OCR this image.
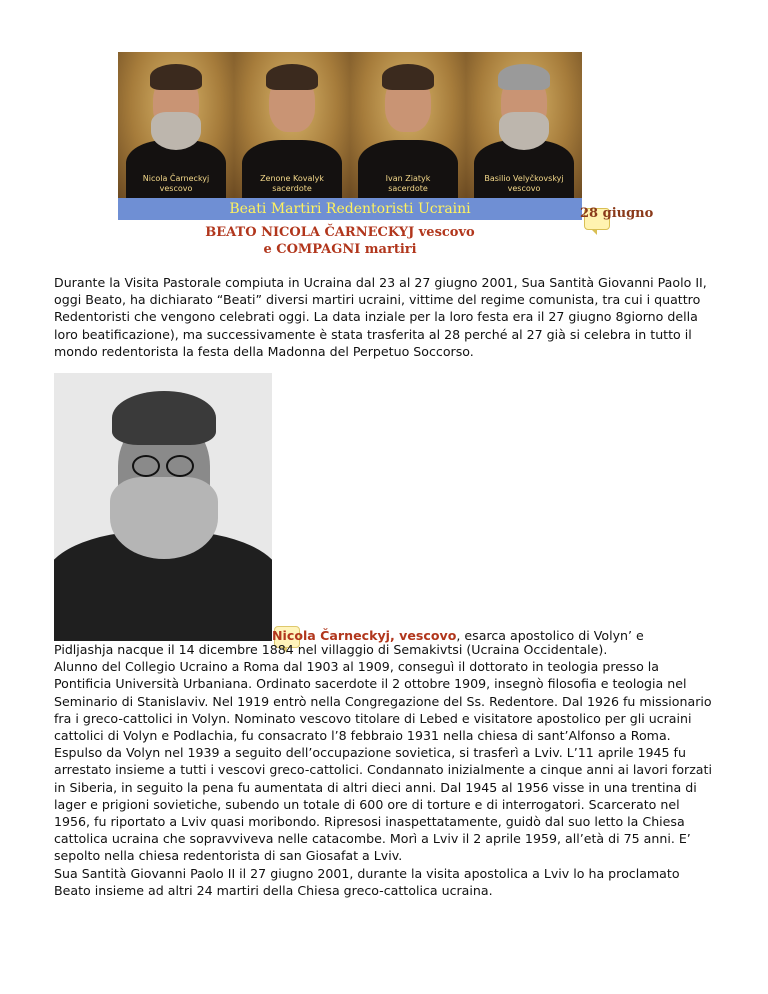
Nicola Čarneckyj
vescovo
Zenone Kovalyk
sacerdote
Ivan Ziatyk
sacerdote
Basilio Velyčkovskyj
vescovo
Beati Martiri Redentoristi Ucraini	28 giugno
BEATO NICOLA ČARNECKYJ vescovo
e COMPAGNI martiri
Durante la Visita Pastorale compiuta in Ucraina dal 23 al 27 giugno 2001, Sua Santità Giovanni Paolo II, oggi Beato, ha dichiarato “Beati” diversi martiri ucraini, vittime del regime comunista, tra cui i quattro Redentoristi che vengono celebrati oggi. La data inziale per la loro festa era il 27 giugno 8giorno della loro beatificazione), ma successivamente è stata trasferita al 28 perché al 27 già si celebra in tutto il mondo redentorista la festa della Madonna del Perpetuo Soccorso.
Nicola Čarneckyj, vescovo, esarca apostolico di Volyn’ e
Pidljashja nacque il 14 dicembre 1884 nel villaggio di Semakivtsi (Ucraina Occidentale).
Alunno del Collegio Ucraino a Roma dal 1903 al 1909, conseguì il dottorato in teologia presso la Pontificia Università Urbaniana. Ordinato sacerdote il 2 ottobre 1909, insegnò filosofia e teologia nel Seminario di Stanislaviv. Nel 1919 entrò nella Congregazione del Ss. Redentore. Dal 1926 fu missionario fra i greco-cattolici in Volyn. Nominato vescovo titolare di Lebed e visitatore apostolico per gli ucraini cattolici di Volyn e Podlachia, fu consacrato l’8 febbraio 1931 nella chiesa di sant’Alfonso a Roma.
Espulso da Volyn nel 1939 a seguito dell’occupazione sovietica, si trasferì a Lviv. L’11 aprile 1945 fu arrestato insieme a tutti i vescovi greco-cattolici. Condannato inizialmente a cinque anni ai lavori forzati in Siberia, in seguito la pena fu aumentata di altri dieci anni. Dal 1945 al 1956 visse in una trentina di lager e prigioni sovietiche, subendo un totale di 600 ore di torture e di interrogatori. Scarcerato nel 1956, fu riportato a Lviv quasi moribondo. Ripresosi inaspettatamente, guidò dal suo letto la Chiesa cattolica ucraina che sopravviveva nelle catacombe. Morì a Lviv il 2 aprile 1959, all’età di 75 anni. E’ sepolto nella chiesa redentorista di san Giosafat a Lviv.
Sua Santità Giovanni Paolo II il 27 giugno 2001, durante la visita apostolica a Lviv lo ha proclamato Beato insieme ad altri 24 martiri della Chiesa greco-cattolica ucraina.
